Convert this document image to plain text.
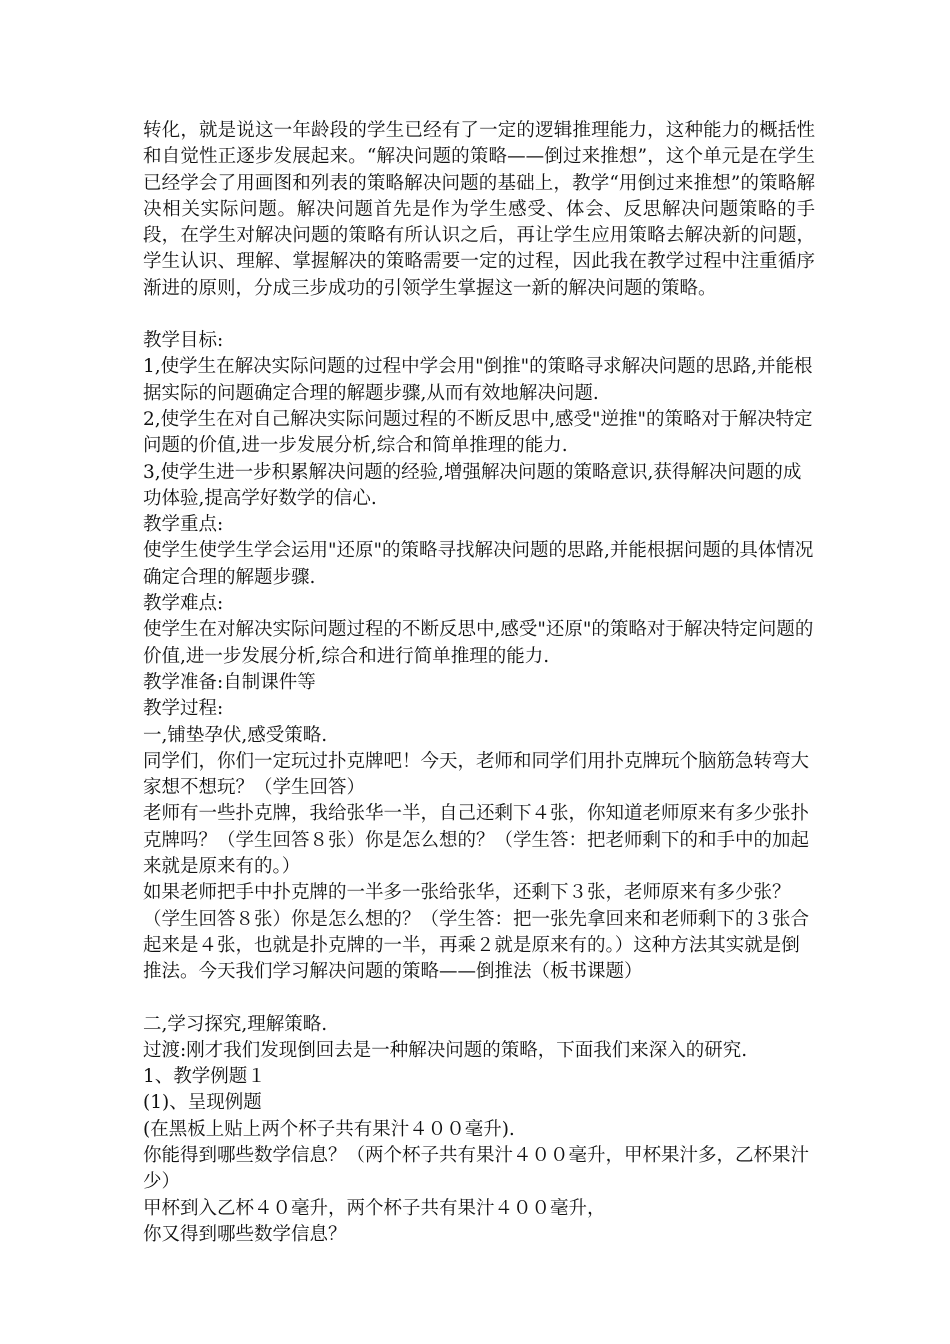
转化，就是说这一年龄段的学生已经有了一定的逻辑推理能力，这种能力的概括性和自觉性正逐步发展起来。“解决问题的策略——倒过来推想”，这个单元是在学生已经学会了用画图和列表的策略解决问题的基础上，教学“用倒过来推想”的策略解决相关实际问题。解决问题首先是作为学生感受、体会、反思解决问题策略的手段，在学生对解决问题的策略有所认识之后，再让学生应用策略去解决新的问题，学生认识、理解、掌握解决的策略需要一定的过程，因此我在教学过程中注重循序渐进的原则，分成三步成功的引领学生掌握这一新的解决问题的策略。

教学目标:

1,使学生在解决实际问题的过程中学会用"倒推"的策略寻求解决问题的思路,并能根据实际的问题确定合理的解题步骤,从而有效地解决问题.

2,使学生在对自己解决实际问题过程的不断反思中,感受"逆推"的策略对于解决特定问题的价值,进一步发展分析,综合和简单推理的能力.

3,使学生进一步积累解决问题的经验,增强解决问题的策略意识,获得解决问题的成功体验,提高学好数学的信心.

教学重点:

使学生使学生学会运用"还原"的策略寻找解决问题的思路,并能根据问题的具体情况确定合理的解题步骤.

教学难点:

使学生在对解决实际问题过程的不断反思中,感受"还原"的策略对于解决特定问题的价值,进一步发展分析,综合和进行简单推理的能力.

教学准备:自制课件等

教学过程:

一,铺垫孕伏,感受策略.

同学们，你们一定玩过扑克牌吧！今天，老师和同学们用扑克牌玩个脑筋急转弯大家想不想玩？（学生回答）

老师有一些扑克牌，我给张华一半，自己还剩下４张，你知道老师原来有多少张扑克牌吗？（学生回答８张）你是怎么想的？（学生答：把老师剩下的和手中的加起来就是原来有的。）

如果老师把手中扑克牌的一半多一张给张华，还剩下３张，老师原来有多少张？（学生回答８张）你是怎么想的？（学生答：把一张先拿回来和老师剩下的３张合起来是４张，也就是扑克牌的一半，再乘２就是原来有的。）这种方法其实就是倒推法。今天我们学习解决问题的策略——倒推法（板书课题）

二,学习探究,理解策略.

过渡:刚才我们发现倒回去是一种解决问题的策略，下面我们来深入的研究.

1、教学例题１

(1)、呈现例题

(在黑板上贴上两个杯子共有果汁４００毫升).

你能得到哪些数学信息？（两个杯子共有果汁４００毫升，甲杯果汁多，乙杯果汁少）

甲杯到入乙杯４０毫升，两个杯子共有果汁４００毫升，

你又得到哪些数学信息？
